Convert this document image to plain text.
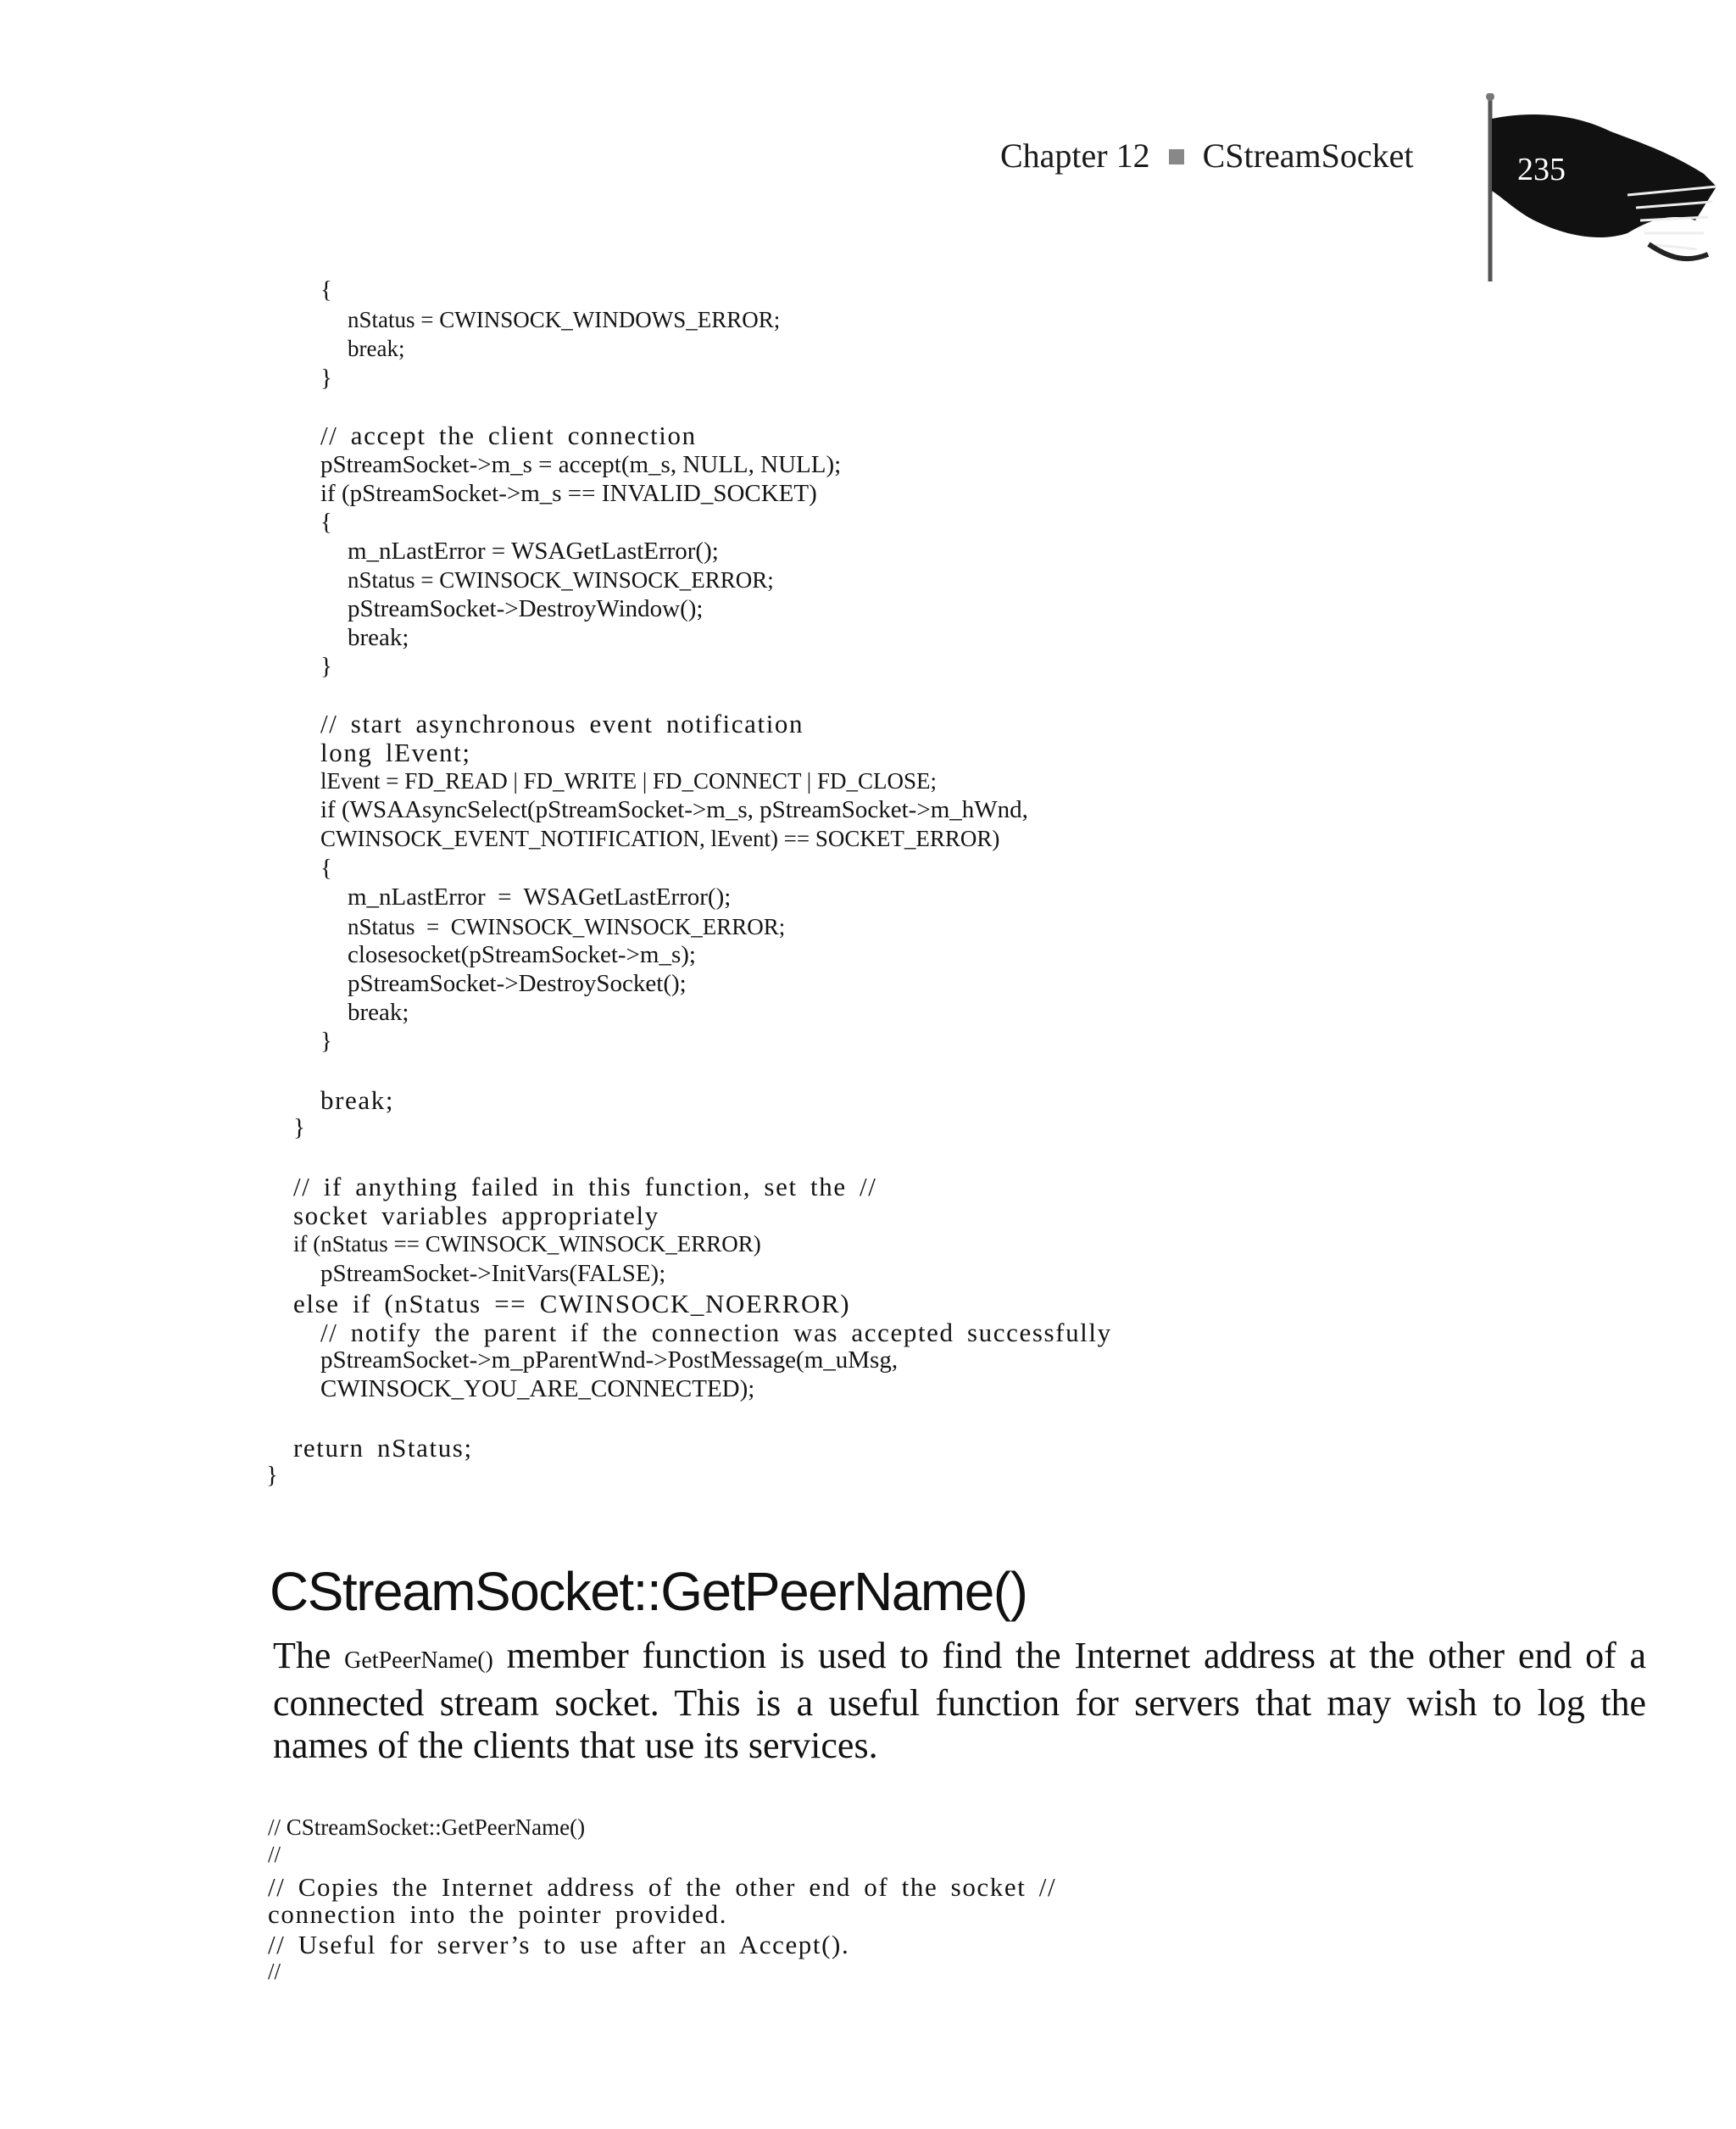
Chapter 12 CStreamSocket	235
{
nStatus = CWINSOCK_WINDOWS_ERROR;
break;
}
// accept the client connection
pStreamSocket->m_s = accept(m_s, NULL, NULL);
if (pStreamSocket->m_s == INVALID_SOCKET)
{
m_nLastError = WSAGetLastError();
nStatus = CWINSOCK_WINSOCK_ERROR;
pStreamSocket->DestroyWindow();
break;
}
// start asynchronous event notification
long lEvent;
lEvent = FD_READ | FD_WRITE | FD_CONNECT | FD_CLOSE;
if (WSAAsyncSelect(pStreamSocket->m_s, pStreamSocket->m_hWnd,
CWINSOCK_EVENT_NOTIFICATION, lEvent) == SOCKET_ERROR)
{
m_nLastError  =  WSAGetLastError();
nStatus  =  CWINSOCK_WINSOCK_ERROR;
closesocket(pStreamSocket->m_s);
pStreamSocket->DestroySocket();
break;
}
break;
}
// if anything failed in this function, set the //
socket variables appropriately
if (nStatus == CWINSOCK_WINSOCK_ERROR)
pStreamSocket->InitVars(FALSE);
else if (nStatus == CWINSOCK_NOERROR)
// notify the parent if the connection was accepted successfully
pStreamSocket->m_pParentWnd->PostMessage(m_uMsg,
CWINSOCK_YOU_ARE_CONNECTED);
return nStatus;
}
CStreamSocket::GetPeerName()
The GetPeerName() member function is used to find the Internet address at the other end of a connected stream socket. This is a useful function for servers that may wish to log the names of the clients that use its services.
// CStreamSocket::GetPeerName()
//
// Copies the Internet address of the other end of the socket //
connection into the pointer provided.
// Useful for server’s to use after an Accept().
//
